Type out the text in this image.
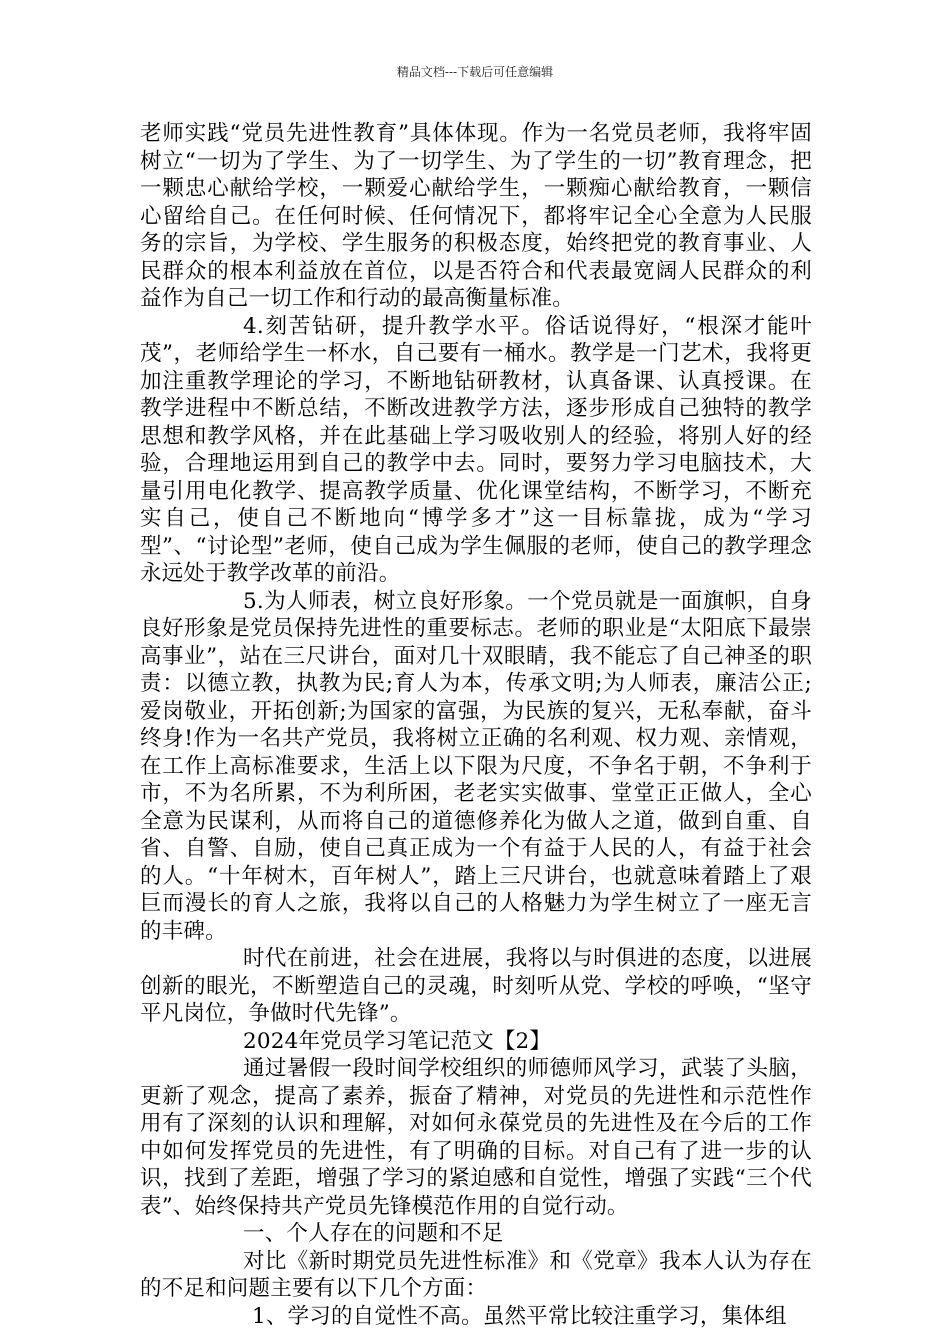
精品文档---下载后可任意编辑

老师实践“党员先进性教育”具体体现。作为一名党员老师，我将牢固树立“一切为了学生、为了一切学生、为了学生的一切”教育理念，把一颗忠心献给学校，一颗爱心献给学生，一颗痴心献给教育，一颗信心留给自己。在任何时候、任何情况下，都将牢记全心全意为人民服务的宗旨，为学校、学生服务的积极态度，始终把党的教育事业、人民群众的根本利益放在首位，以是否符合和代表最宽阔人民群众的利益作为自己一切工作和行动的最高衡量标准。

4.刻苦钻研，提升教学水平。俗话说得好，“根深才能叶茂”，老师给学生一杯水，自己要有一桶水。教学是一门艺术，我将更加注重教学理论的学习，不断地钻研教材，认真备课、认真授课。在教学进程中不断总结，不断改进教学方法，逐步形成自己独特的教学思想和教学风格，并在此基础上学习吸收别人的经验，将别人好的经验，合理地运用到自己的教学中去。同时，要努力学习电脑技术，大量引用电化教学、提高教学质量、优化课堂结构，不断学习，不断充实自己，使自己不断地向“博学多才”这一目标靠拢，成为“学习型”、“讨论型”老师，使自己成为学生佩服的老师，使自己的教学理念永远处于教学改革的前沿。

5.为人师表，树立良好形象。一个党员就是一面旗帜，自身良好形象是党员保持先进性的重要标志。老师的职业是“太阳底下最崇高事业”，站在三尺讲台，面对几十双眼睛，我不能忘了自己神圣的职责：以德立教，执教为民;育人为本，传承文明;为人师表，廉洁公正;爱岗敬业，开拓创新;为国家的富强，为民族的复兴，无私奉献，奋斗终身!作为一名共产党员，我将树立正确的名利观、权力观、亲情观，在工作上高标准要求，生活上以下限为尺度，不争名于朝，不争利于市，不为名所累，不为利所困，老老实实做事、堂堂正正做人，全心全意为民谋利，从而将自己的道德修养化为做人之道，做到自重、自省、自警、自励，使自己真正成为一个有益于人民的人，有益于社会的人。“十年树木，百年树人”，踏上三尺讲台，也就意味着踏上了艰巨而漫长的育人之旅，我将以自己的人格魅力为学生树立了一座无言的丰碑。

时代在前进，社会在进展，我将以与时俱进的态度，以进展创新的眼光，不断塑造自己的灵魂，时刻听从党、学校的呼唤，“坚守平凡岗位，争做时代先锋”。

2024年党员学习笔记范文【2】

通过暑假一段时间学校组织的师德师风学习，武装了头脑，更新了观念，提高了素养，振奋了精神，对党员的先进性和示范性作用有了深刻的认识和理解，对如何永葆党员的先进性及在今后的工作中如何发挥党员的先进性，有了明确的目标。对自己有了进一步的认识，找到了差距，增强了学习的紧迫感和自觉性，增强了实践“三个代表”、始终保持共产党员先锋模范作用的自觉行动。

一、个人存在的问题和不足

对比《新时期党员先进性标准》和《党章》我本人认为存在的不足和问题主要有以下几个方面：

1、学习的自觉性不高。虽然平常比较注重学习，集体组
